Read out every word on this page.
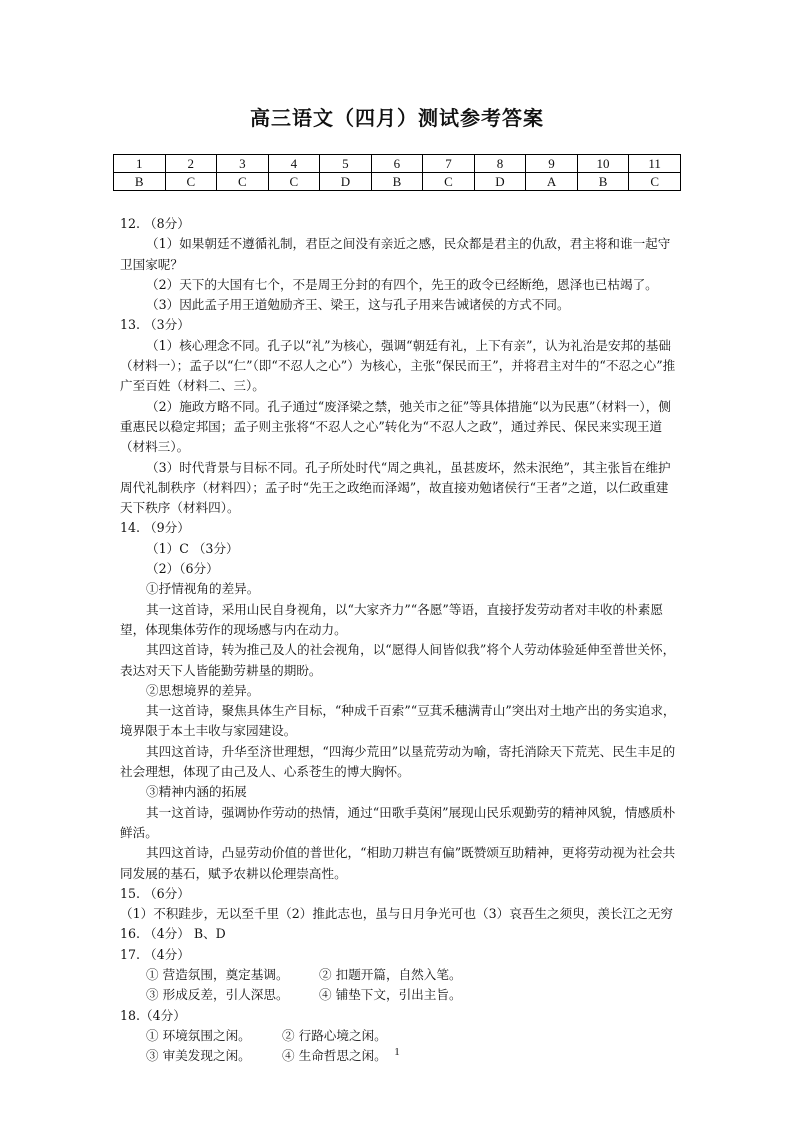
高三语文（四月）测试参考答案
1	2	3	4	5	6	7	8	9	10	11
B	C	C	C	D	B	C	D	A	B	C

12. （8分）

（1）如果朝廷不遵循礼制，君臣之间没有亲近之感，民众都是君主的仇敌，君主将和谁一起守卫国家呢？

（2）天下的大国有七个，不是周王分封的有四个，先王的政令已经断绝，恩泽也已枯竭了。

（3）因此孟子用王道勉励齐王、梁王，这与孔子用来告诫诸侯的方式不同。

13. （3分）

（1）核心理念不同。孔子以“礼”为核心，强调“朝廷有礼，上下有亲”，认为礼治是安邦的基础（材料一）；孟子以“仁”（即“不忍人之心”）为核心，主张“保民而王”，并将君主对牛的“不忍之心”推广至百姓（材料二、三）。

（2）施政方略不同。孔子通过“废泽梁之禁，弛关市之征”等具体措施“以为民惠”（材料一），侧重惠民以稳定邦国；孟子则主张将“不忍人之心”转化为“不忍人之政”，通过养民、保民来实现王道（材料三）。

（3）时代背景与目标不同。孔子所处时代“周之典礼，虽甚废坏，然未泯绝”，其主张旨在维护周代礼制秩序（材料四）；孟子时“先王之政绝而泽竭”，故直接劝勉诸侯行“王者”之道，以仁政重建天下秩序（材料四）。

14. （9分）

（1）C （3分）

（2）（6分）

①抒情视角的差异。

其一这首诗，采用山民自身视角，以“大家齐力”“各愿”等语，直接抒发劳动者对丰收的朴素愿望，体现集体劳作的现场感与内在动力。

其四这首诗，转为推己及人的社会视角，以“愿得人间皆似我”将个人劳动体验延伸至普世关怀，表达对天下人皆能勤劳耕垦的期盼。

②思想境界的差异。

其一这首诗，聚焦具体生产目标，“种成千百索”“豆萁禾穗满青山”突出对土地产出的务实追求，境界限于本土丰收与家园建设。

其四这首诗，升华至济世理想，“四海少荒田”以垦荒劳动为喻，寄托消除天下荒芜、民生丰足的社会理想，体现了由己及人、心系苍生的博大胸怀。

③精神内涵的拓展

其一这首诗，强调协作劳动的热情，通过“田歌手莫闲”展现山民乐观勤劳的精神风貌，情感质朴鲜活。

其四这首诗，凸显劳动价值的普世化，“相助刀耕岂有偏”既赞颂互助精神，更将劳动视为社会共同发展的基石，赋予农耕以伦理崇高性。

15. （6分）

（1）不积跬步，无以至千里（2）推此志也，虽与日月争光可也（3）哀吾生之须臾，羡长江之无穷

16. （4分） B、D

17. （4分）

① 营造氛围，奠定基调。 ② 扣题开篇，自然入笔。

③ 形成反差，引人深思。 ④ 铺垫下文，引出主旨。

18.（4分）

① 环境氛围之闲。 ② 行路心境之闲。

③ 审美发现之闲。 ④ 生命哲思之闲。 1
